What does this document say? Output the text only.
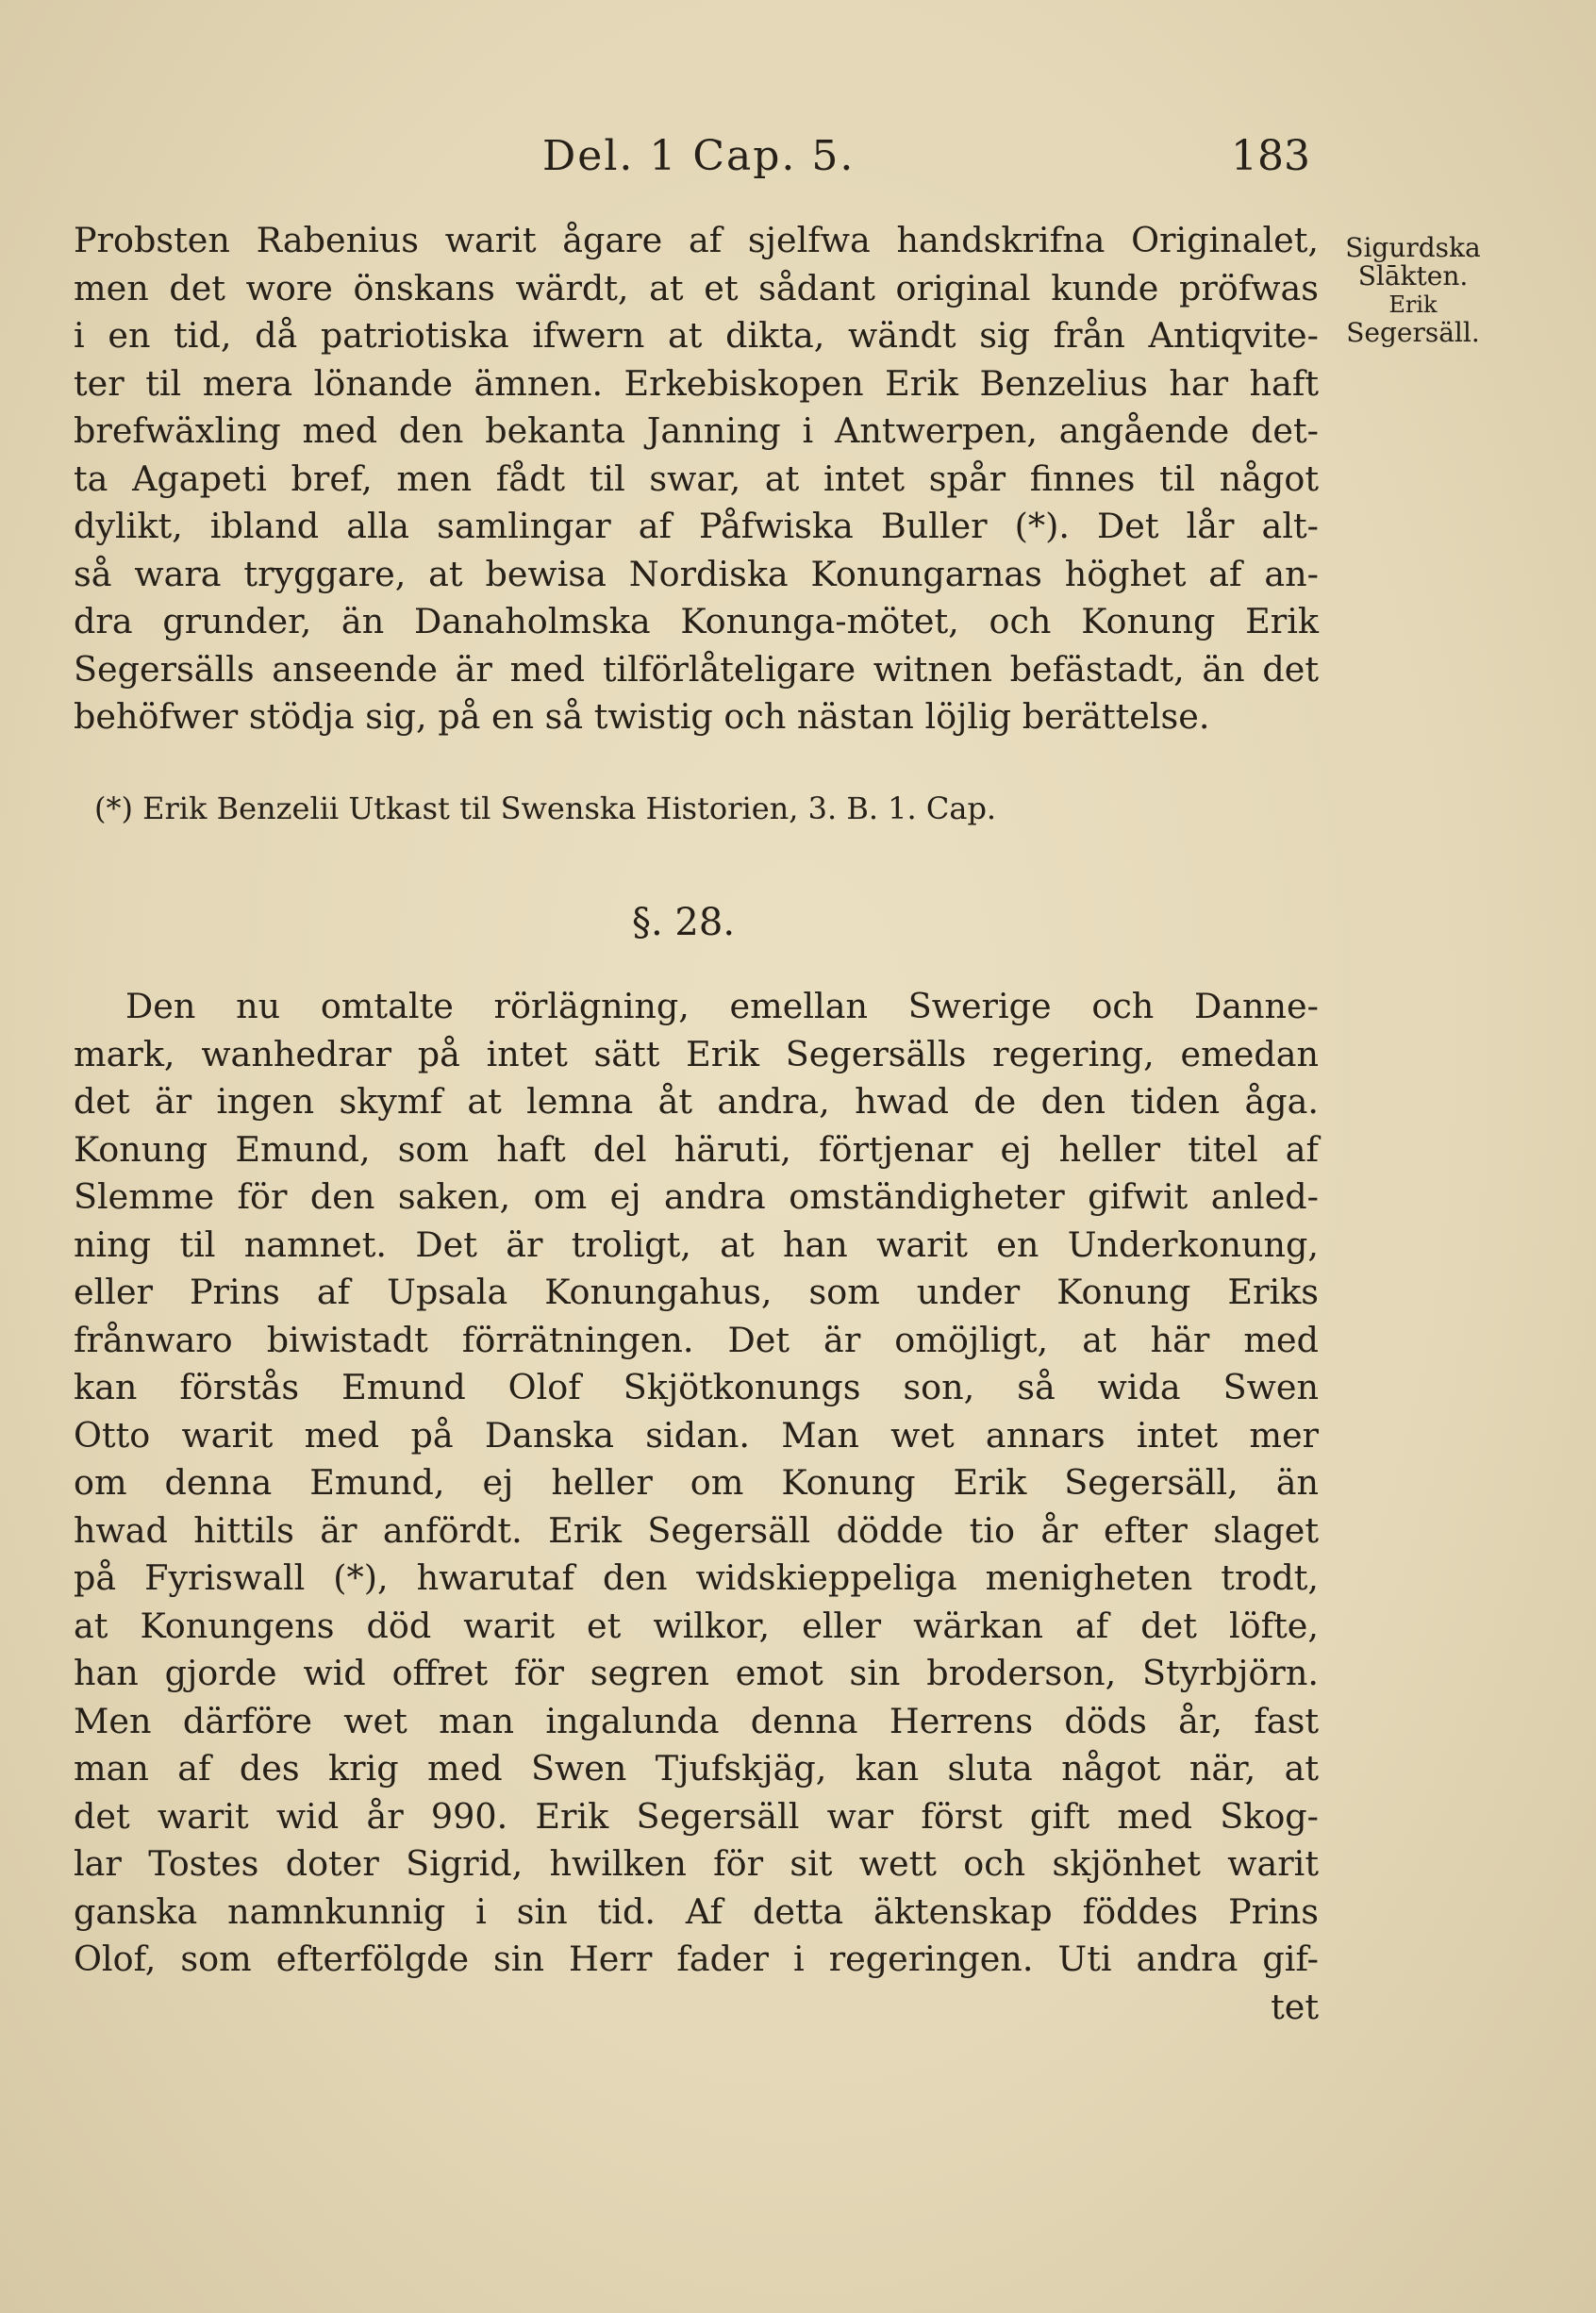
Del. 1 Cap. 5.	183
Sigurdska
Slākten.
Erik
Segersäll.
Probsten Rabenius warit ågare af sjelfwa handskrifna Originalet,
men det wore önskans wärdt, at et sådant original kunde pröfwas
i en tid, då patriotiska ifwern at dikta, wändt sig från Antiqvite-
ter til mera lönande ämnen. Erkebiskopen Erik Benzelius har haft
brefwäxling med den bekanta Janning i Antwerpen, angående det-
ta Agapeti bref, men fådt til swar, at intet spår finnes til något
dylikt, ibland alla samlingar af Påfwiska Buller (*). Det lår alt-
så wara tryggare, at bewisa Nordiska Konungarnas höghet af an-
dra grunder, än Danaholmska Konunga-mötet, och Konung Erik
Segersälls anseende är med tilförlåteligare witnen befästadt, än det
behöfwer stödja sig, på en så twistig och nästan löjlig berättelse.
(*) Erik Benzelii Utkast til Swenska Historien, 3. B. 1. Cap.
§. 28.
Den nu omtalte rörlägning, emellan Swerige och Danne-
mark, wanhedrar på intet sätt Erik Segersälls regering, emedan
det är ingen skymf at lemna åt andra, hwad de den tiden åga.
Konung Emund, som haft del häruti, förtjenar ej heller titel af
Slemme för den saken, om ej andra omständigheter gifwit anled-
ning til namnet. Det är troligt, at han warit en Underkonung,
eller Prins af Upsala Konungahus, som under Konung Eriks
frånwaro biwistadt förrätningen. Det är omöjligt, at här med
kan förstås Emund Olof Skjötkonungs son, så wida Swen
Otto warit med på Danska sidan. Man wet annars intet mer
om denna Emund, ej heller om Konung Erik Segersäll, än
hwad hittils är anfördt. Erik Segersäll dödde tio år efter slaget
på Fyriswall (*), hwarutaf den widskieppeliga menigheten trodt,
at Konungens död warit et wilkor, eller wärkan af det löfte,
han gjorde wid offret för segren emot sin broderson, Styrbjörn.
Men därföre wet man ingalunda denna Herrens döds år, fast
man af des krig med Swen Tjufskjäg, kan sluta något när, at
det warit wid år 990. Erik Segersäll war först gift med Skog-
lar Tostes doter Sigrid, hwilken för sit wett och skjönhet warit
ganska namnkunnig i sin tid. Af detta äktenskap föddes Prins
Olof, som efterfölgde sin Herr fader i regeringen. Uti andra gif-
tet
